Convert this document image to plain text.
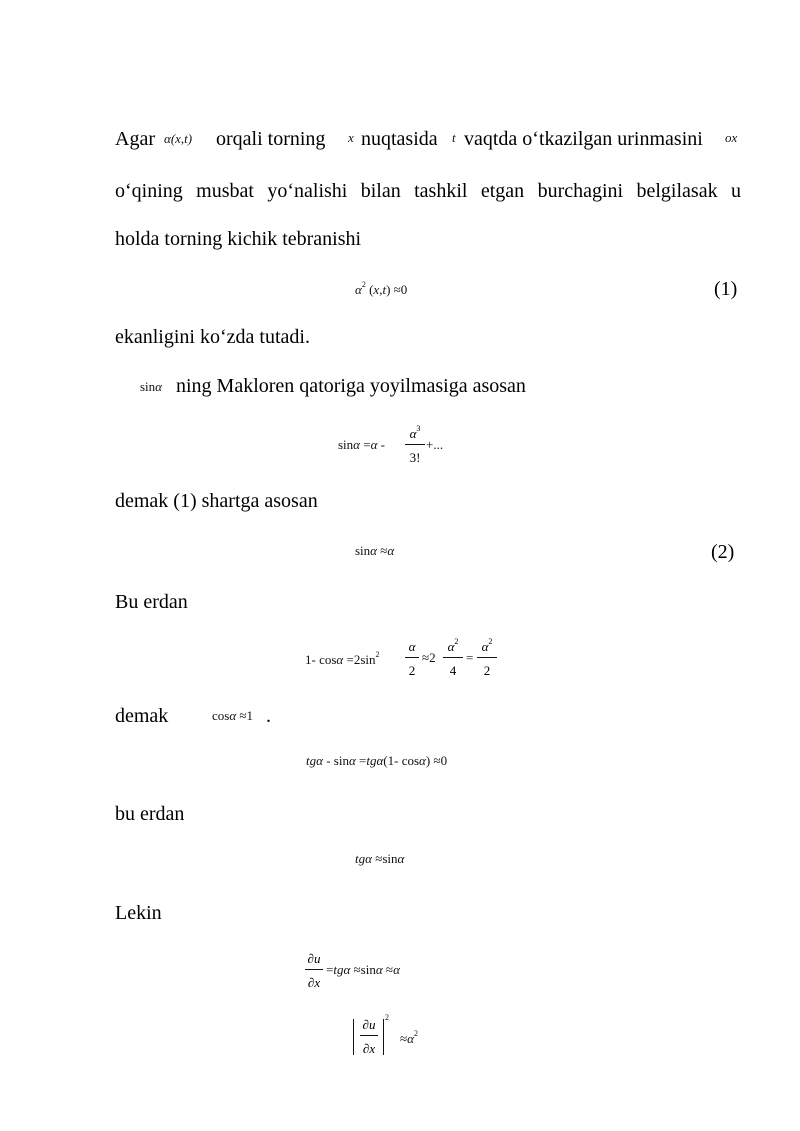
Agar α(x,t) orqali torning x nuqtasida t vaqtda o‘tkazilgan urinmasini ox
o‘qining musbat yo‘nalishi bilan tashkil etgan burchagini belgilasak u
holda torning kichik tebranishi
$\alpha^2$ (x,t) ≈0	(1)
ekanligini ko‘zda tutadi.
sinα ning Makloren qatoriga yoyilmasiga asosan
sinα =α -
$\alpha^3$
3!
+...
demak (1) shartga asosan
sinα ≈α	(2)
Bu erdan
1- $\cos\alpha =2\sin^2$
α
2
≈2
$\alpha^2$
4
=
$\alpha^2$
2
demak	cosα ≈1 .
tgα - sinα =tgα(1- cosα) ≈0
bu erdan
tgα ≈sinα
Lekin
∂u
∂x
=tgα ≈sinα ≈α
∂u
∂x
2
$\approx\alpha^2$
